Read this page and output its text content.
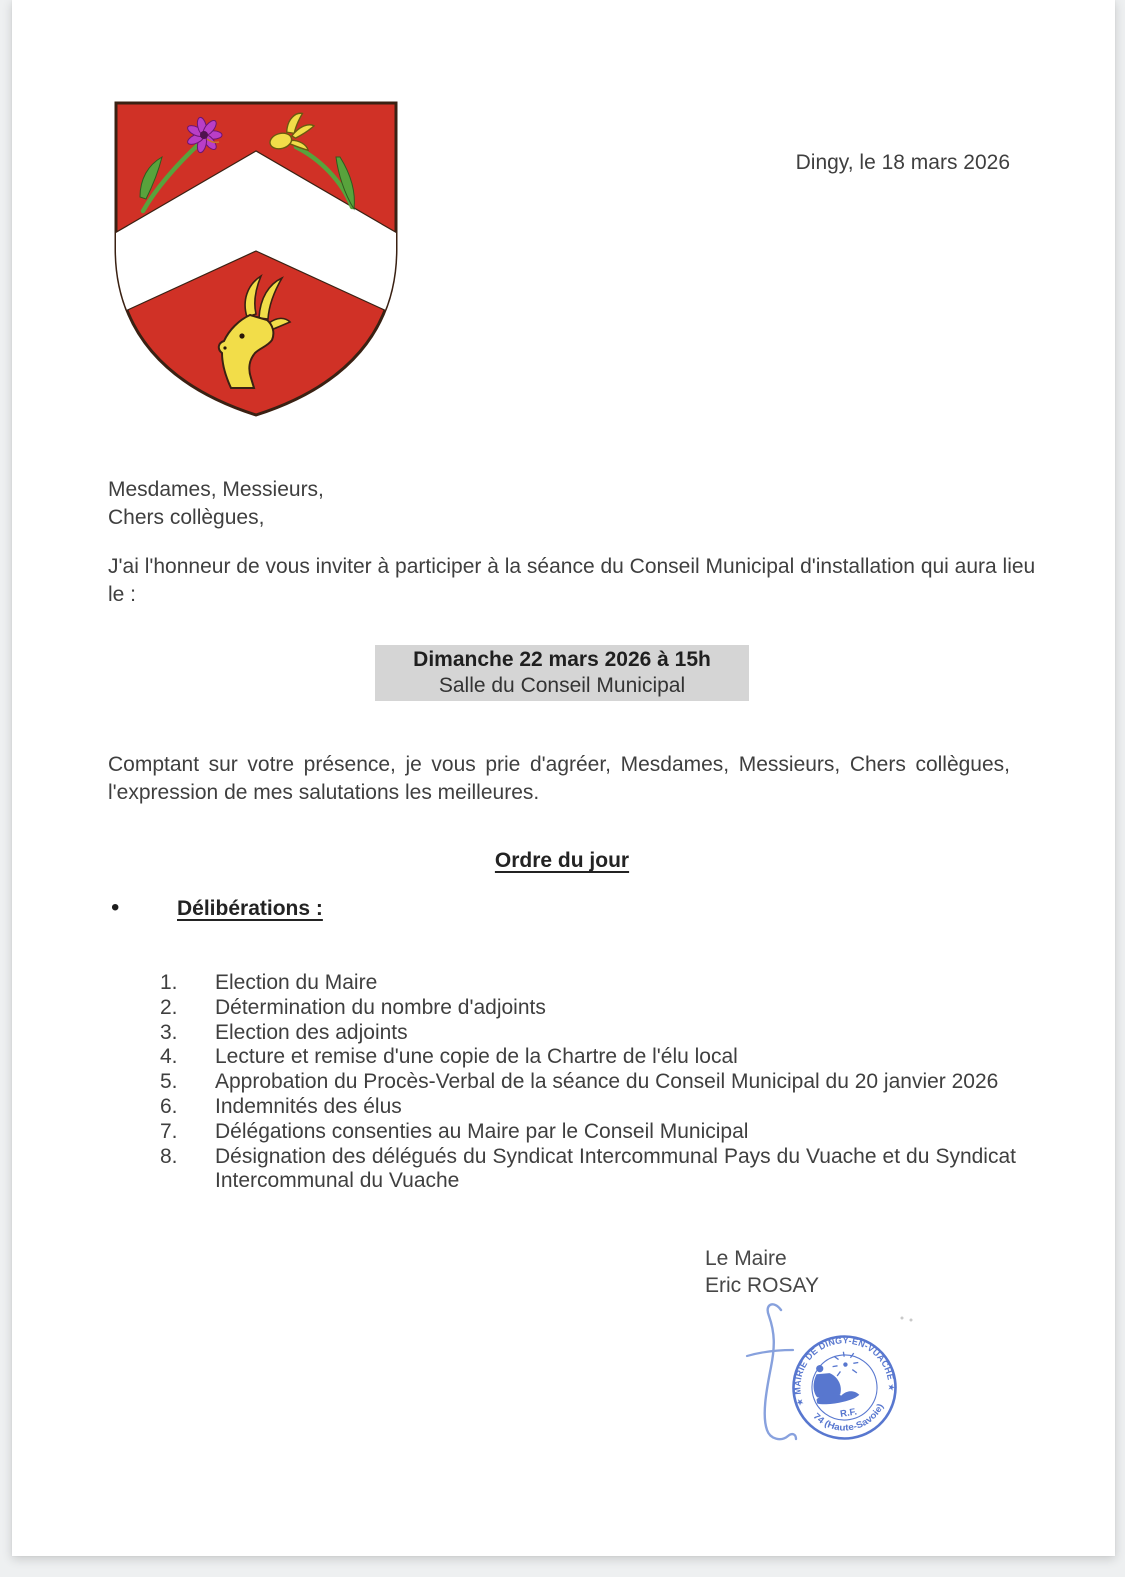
Dingy, le 18 mars 2026
Mesdames, Messieurs,
Chers collègues,

J'ai l'honneur de vous inviter à participer à la séance du Conseil Municipal d'installation qui aura lieu le :

Dimanche 22 mars 2026 à 15h
Salle du Conseil Municipal

Comptant sur votre présence, je vous prie d'agréer, Mesdames, Messieurs, Chers collègues, l'expression de mes salutations les meilleures.

Ordre du jour
•	Délibérations :
1.	Election du Maire
2.	Détermination du nombre d'adjoints
3.	Election des adjoints
4.	Lecture et remise d'une copie de la Chartre de l'élu local
5.	Approbation du Procès-Verbal de la séance du Conseil Municipal du 20 janvier 2026
6.	Indemnités des élus
7.	Délégations consenties au Maire par le Conseil Municipal
8.	Désignation des délégués du Syndicat Intercommunal Pays du Vuache et du Syndicat Intercommunal du Vuache
Le Maire
Eric ROSAY
★ MAIRIE DE DINGY-EN-VUACHE ★
74 (Haute-Savoie)
R.F.
